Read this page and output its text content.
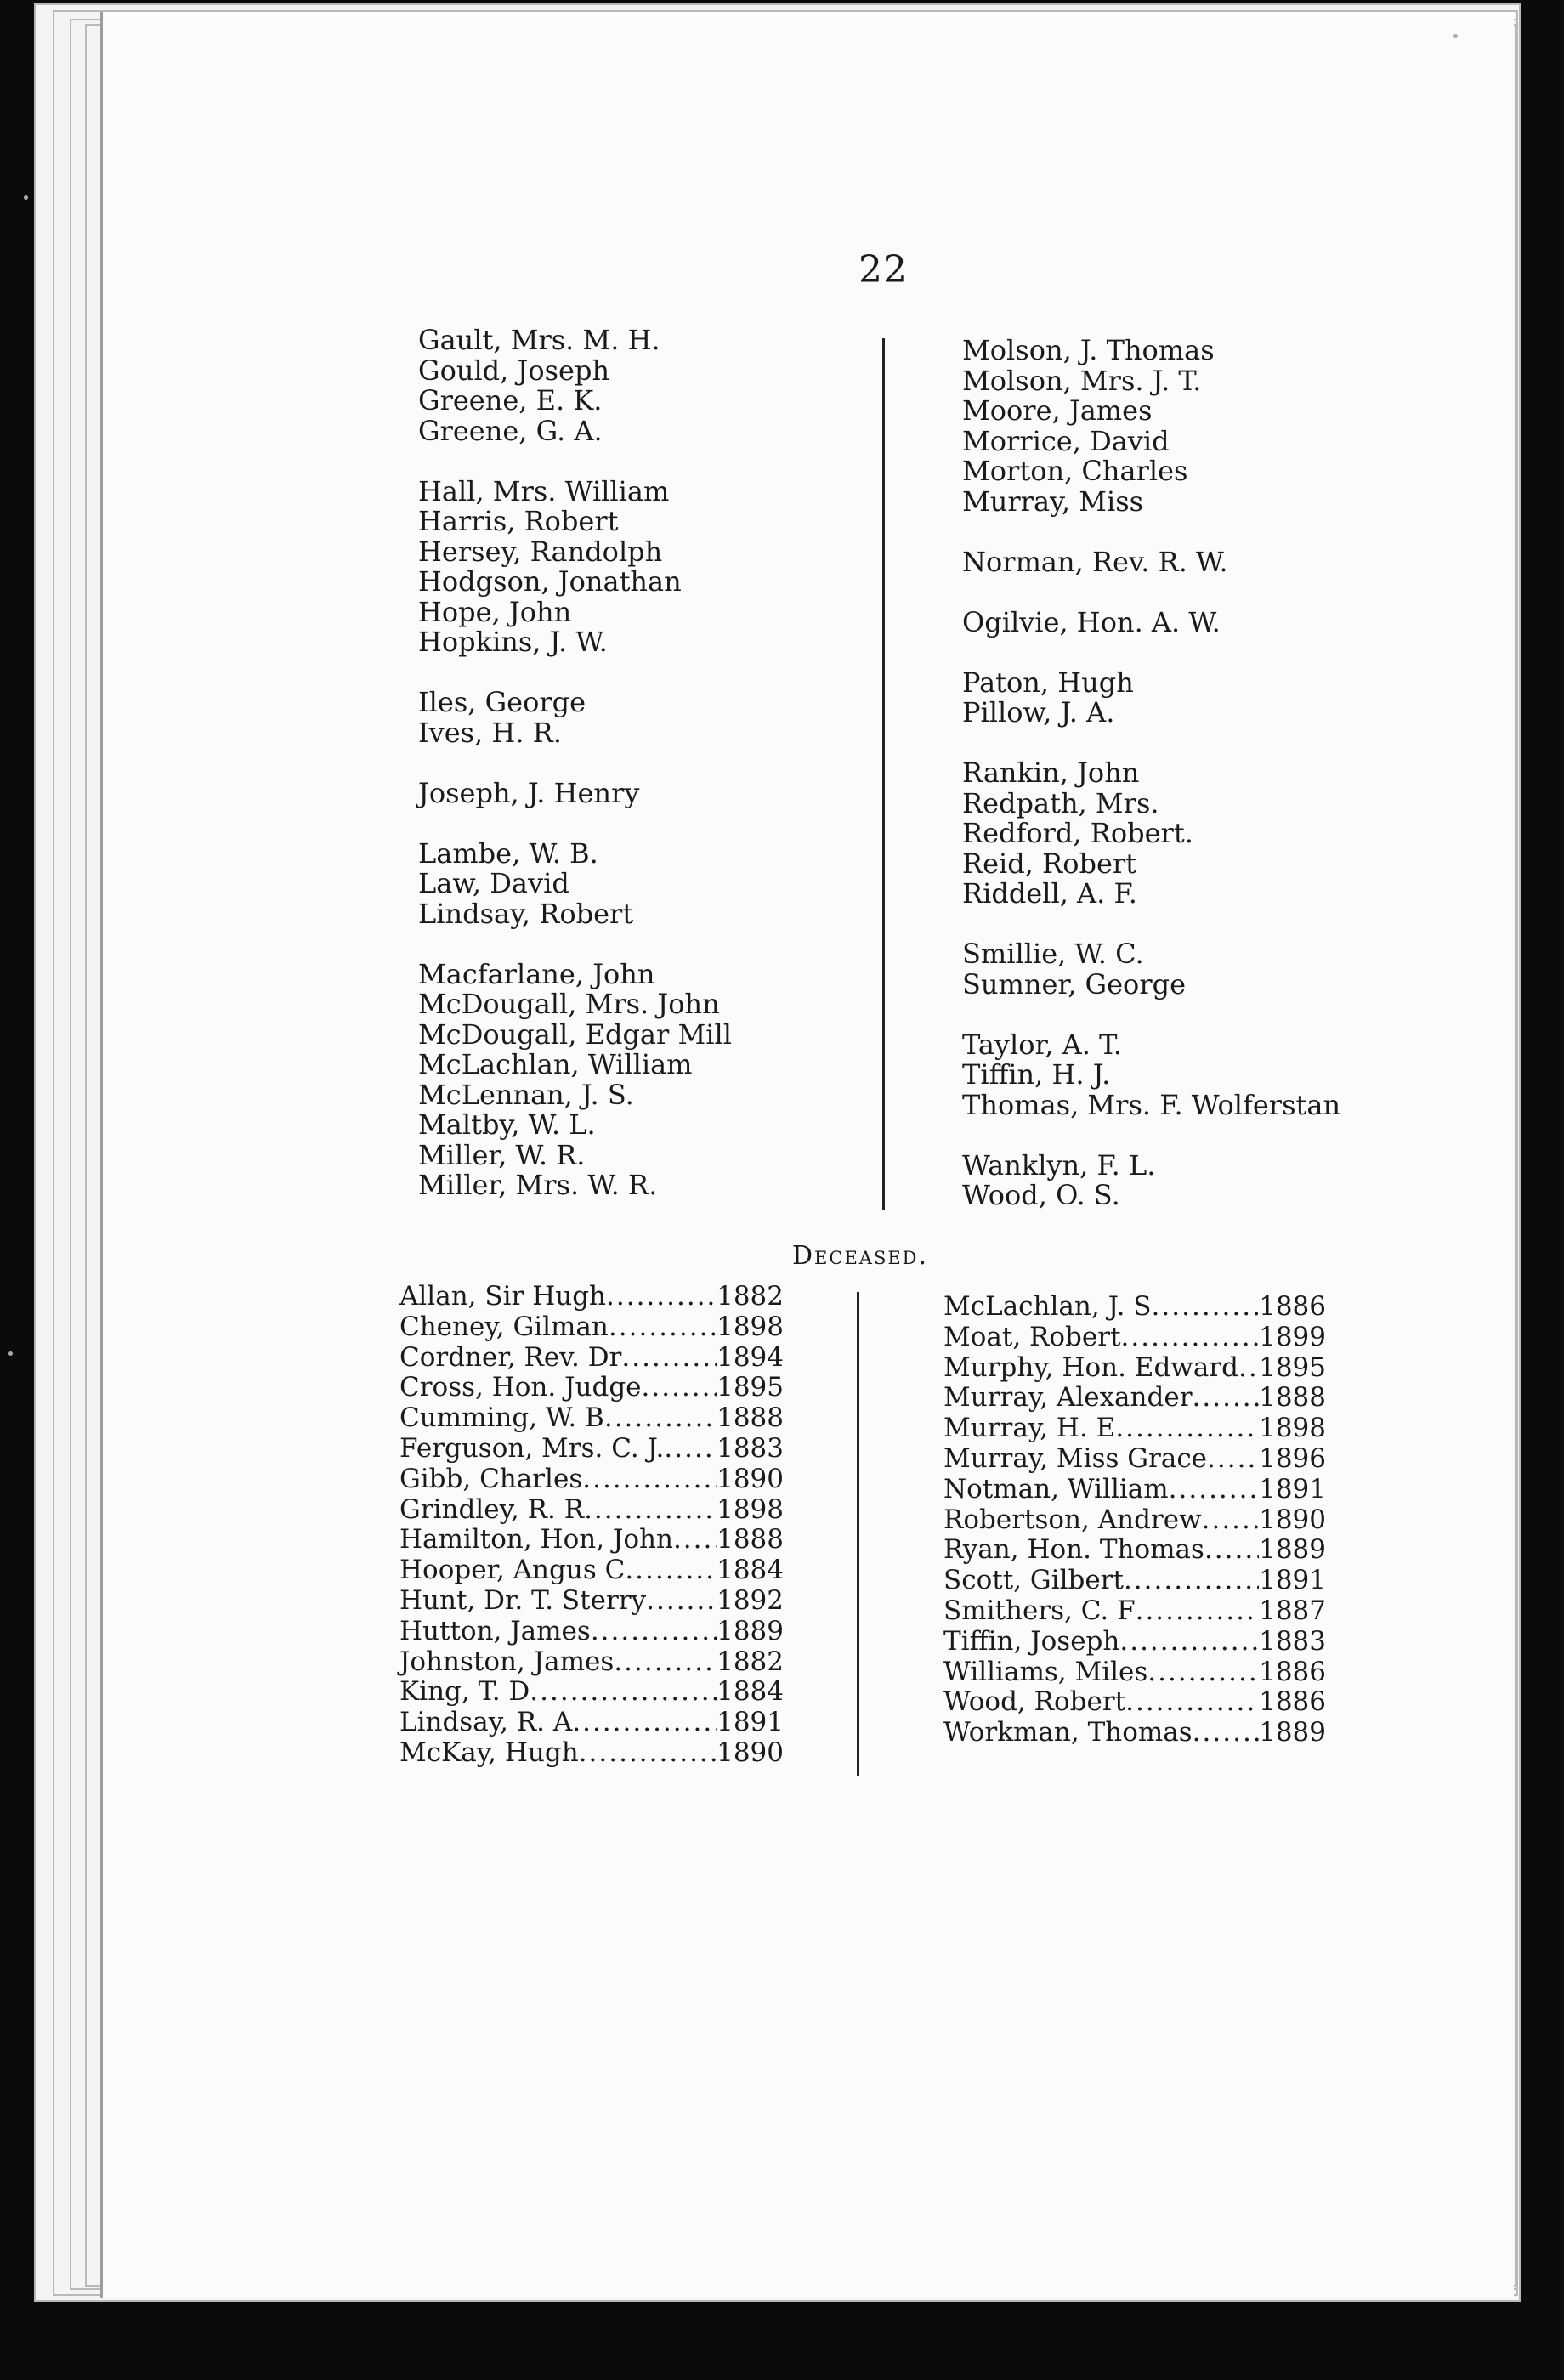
22
Gault, Mrs. M. H.
Gould, Joseph
Greene, E. K.
Greene, G. A.
Hall, Mrs. William
Harris, Robert
Hersey, Randolph
Hodgson, Jonathan
Hope, John
Hopkins, J. W.
Iles, George
Ives, H. R.
Joseph, J. Henry
Lambe, W. B.
Law, David
Lindsay, Robert
Macfarlane, John
McDougall, Mrs. John
McDougall, Edgar Mill
McLachlan, William
McLennan, J. S.
Maltby, W. L.
Miller, W. R.
Miller, Mrs. W. R.
Molson, J. Thomas
Molson, Mrs. J. T.
Moore, James
Morrice, David
Morton, Charles
Murray, Miss
Norman, Rev. R. W.
Ogilvie, Hon. A. W.
Paton, Hugh
Pillow, J. A.
Rankin, John
Redpath, Mrs.
Redford, Robert.
Reid, Robert
Riddell, A. F.
Smillie, W. C.
Sumner, George
Taylor, A. T.
Tiffin, H. J.
Thomas, Mrs. F. Wolferstan
Wanklyn, F. L.
Wood, O. S.
Deceased.
Allan, Sir Hugh .....	1882
Cheney, Gilman .....	1898
Cordner, Rev. Dr .....	1894
Cross, Hon. Judge .....	1895
Cumming, W. B .....	1888
Ferguson, Mrs. C. J. ..... 1883
Gibb, Charles .....	1890
Grindley, R. R .....	1898
Hamilton, Hon, John ..... 1888
Hooper, Angus C .....	1884
Hunt, Dr. T. Sterry .....	1892
Hutton, James .....	1889
Johnston, James .....	1882
King, T. D .....	1884
Lindsay, R. A .....	1891
McKay, Hugh .....	1890
McLachlan, J. S .....	1886
Moat, Robert .....	1899
Murphy, Hon. Edward ..... 1895
Murray, Alexander .....	1888
Murray, H. E .....	1898
Murray, Miss Grace ..... 1896
Notman, William .....	1891
Robertson, Andrew ..... 1890
Ryan, Hon. Thomas ..... 1889
Scott, Gilbert .....	1891
Smithers, C. F .....	1887
Tiffin, Joseph .....	1883
Williams, Miles .....	1886
Wood, Robert .....	1886
Workman, Thomas .....	1889
